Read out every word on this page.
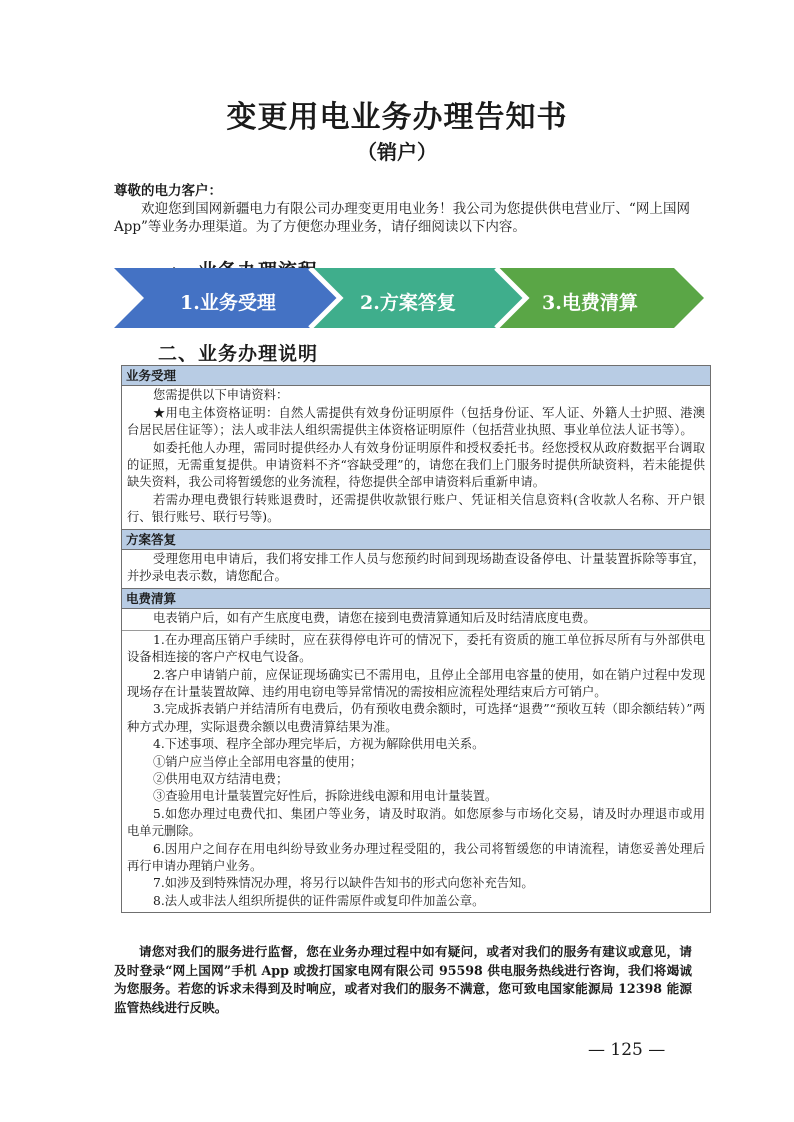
变更用电业务办理告知书
（销户）
尊敬的电力客户：
欢迎您到国网新疆电力有限公司办理变更用电业务！我公司为您提供供电营业厅、“网上国网 App”等业务办理渠道。为了方便您办理业务，请仔细阅读以下内容。
1.业务受理	2.方案答复	3.电费清算
二、业务办理说明
业务受理

您需提供以下申请资料：

★用电主体资格证明：自然人需提供有效身份证明原件（包括身份证、军人证、外籍人士护照、港澳台居民居住证等）；法人或非法人组织需提供主体资格证明原件（包括营业执照、事业单位法人证书等）。

如委托他人办理，需同时提供经办人有效身份证明原件和授权委托书。经您授权从政府数据平台调取的证照，无需重复提供。申请资料不齐“容缺受理”的，请您在我们上门服务时提供所缺资料，若未能提供缺失资料，我公司将暂缓您的业务流程，待您提供全部申请资料后重新申请。

若需办理电费银行转账退费时，还需提供收款银行账户、凭证相关信息资料(含收款人名称、开户银行、银行账号、联行号等)。

方案答复

受理您用电申请后，我们将安排工作人员与您预约时间到现场勘查设备停电、计量装置拆除等事宜，并抄录电表示数，请您配合。

电费清算

电表销户后，如有产生底度电费，请您在接到电费清算通知后及时结清底度电费。

1.在办理高压销户手续时，应在获得停电许可的情况下，委托有资质的施工单位拆尽所有与外部供电设备相连接的客户产权电气设备。

2.客户申请销户前，应保证现场确实已不需用电，且停止全部用电容量的使用，如在销户过程中发现现场存在计量装置故障、违约用电窃电等异常情况的需按相应流程处理结束后方可销户。

3.完成拆表销户并结清所有电费后，仍有预收电费余额时，可选择“退费”“预收互转（即余额结转）”两种方式办理，实际退费余额以电费清算结果为准。

4.下述事项、程序全部办理完毕后，方视为解除供用电关系。

①销户应当停止全部用电容量的使用；

②供用电双方结清电费；

③查验用电计量装置完好性后，拆除进线电源和用电计量装置。

5.如您办理过电费代扣、集团户等业务，请及时取消。如您原参与市场化交易，请及时办理退市或用电单元删除。

6.因用户之间存在用电纠纷导致业务办理过程受阻的，我公司将暂缓您的申请流程，请您妥善处理后再行申请办理销户业务。

7.如涉及到特殊情况办理，将另行以缺件告知书的形式向您补充告知。

8.法人或非法人组织所提供的证件需原件或复印件加盖公章。

请您对我们的服务进行监督，您在业务办理过程中如有疑问，或者对我们的服务有建议或意见，请及时登录“网上国网”手机 App 或拨打国家电网有限公司 95598 供电服务热线进行咨询，我们将竭诚为您服务。若您的诉求未得到及时响应，或者对我们的服务不满意，您可致电国家能源局 12398 能源监管热线进行反映。
— 125 —
